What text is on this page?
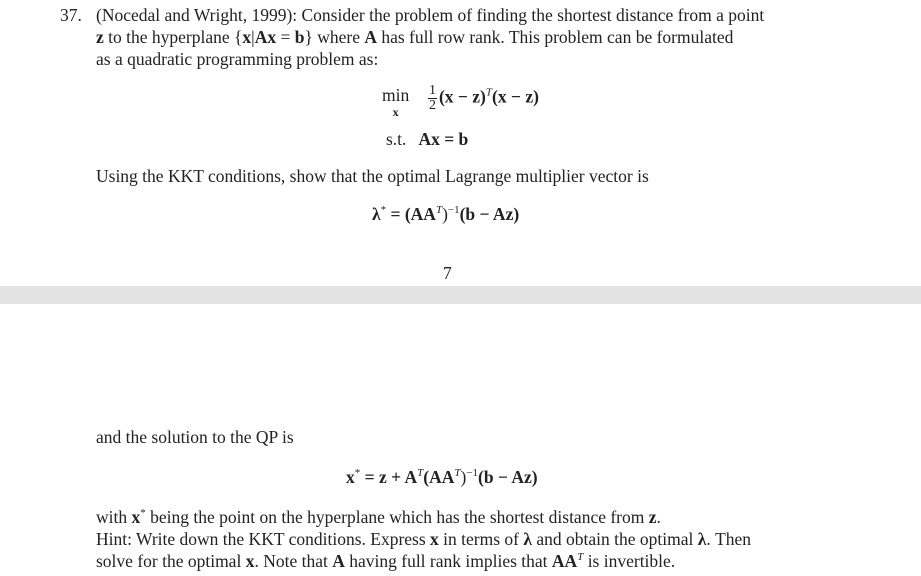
37. (Nocedal and Wright, 1999): Consider the problem of finding the shortest distance from a point
z to the hyperplane {x|Ax = b} where A has full row rank. This problem can be formulated
as a quadratic programming problem as:
min
x
	$\frac{1}{2} (x - z)^T(x - z)$
s.t. Ax = b
Using the KKT conditions, show that the optimal Lagrange multiplier vector is
$\lambda^* = (AA^T)^{-1}(b - Az)$
7
and the solution to the QP is
$x^* = z + A^T(AA^T)^{-1}(b - Az)$
with x* being the point on the hyperplane which has the shortest distance from z.
Hint: Write down the KKT conditions. Express x in terms of λ and obtain the optimal λ. Then
solve for the optimal x. Note that A having full rank implies that $AA^T$ is invertible.
